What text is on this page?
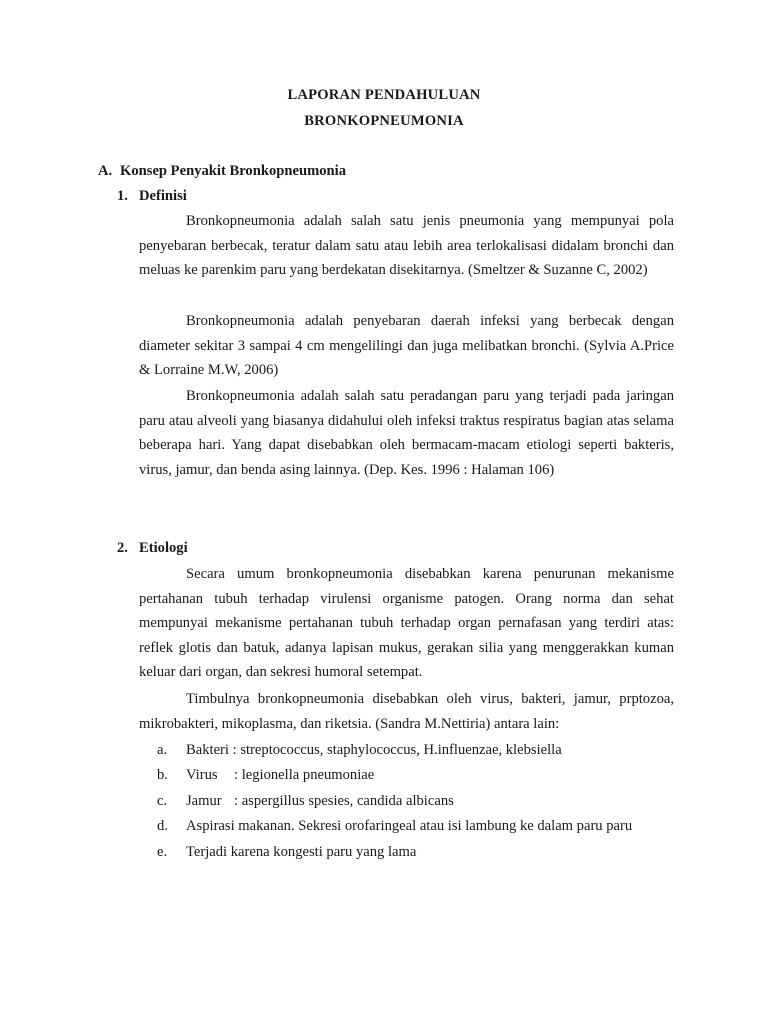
LAPORAN PENDAHULUAN
BRONKOPNEUMONIA
A. Konsep Penyakit Bronkopneumonia
1. Definisi

Bronkopneumonia adalah salah satu jenis pneumonia yang mempunyai pola penyebaran berbecak, teratur dalam satu atau lebih area terlokalisasi didalam bronchi dan meluas ke parenkim paru yang berdekatan disekitarnya. (Smeltzer & Suzanne C, 2002)

Bronkopneumonia adalah penyebaran daerah infeksi yang berbecak dengan diameter sekitar 3 sampai 4 cm mengelilingi dan juga melibatkan bronchi. (Sylvia A.Price & Lorraine M.W, 2006)

Bronkopneumonia adalah salah satu peradangan paru yang terjadi pada jaringan paru atau alveoli yang biasanya didahului oleh infeksi traktus respiratus bagian atas selama beberapa hari. Yang dapat disebabkan oleh bermacam-macam etiologi seperti bakteris, virus, jamur, dan benda asing lainnya. (Dep. Kes. 1996 : Halaman 106)

2. Etiologi

Secara umum bronkopneumonia disebabkan karena penurunan mekanisme pertahanan tubuh terhadap virulensi organisme patogen. Orang norma dan sehat mempunyai mekanisme pertahanan tubuh terhadap organ pernafasan yang terdiri atas: reflek glotis dan batuk, adanya lapisan mukus, gerakan silia yang menggerakkan kuman keluar dari organ, dan sekresi humoral setempat.

Timbulnya bronkopneumonia disebabkan oleh virus, bakteri, jamur, prptozoa, mikrobakteri, mikoplasma, dan riketsia. (Sandra M.Nettiria) antara lain:

a. Bakteri : streptococcus, staphylococcus, H.influenzae, klebsiella
b. Virus : legionella pneumoniae
c. Jamur : aspergillus spesies, candida albicans
d. Aspirasi makanan. Sekresi orofaringeal atau isi lambung ke dalam paru paru
e. Terjadi karena kongesti paru yang lama
